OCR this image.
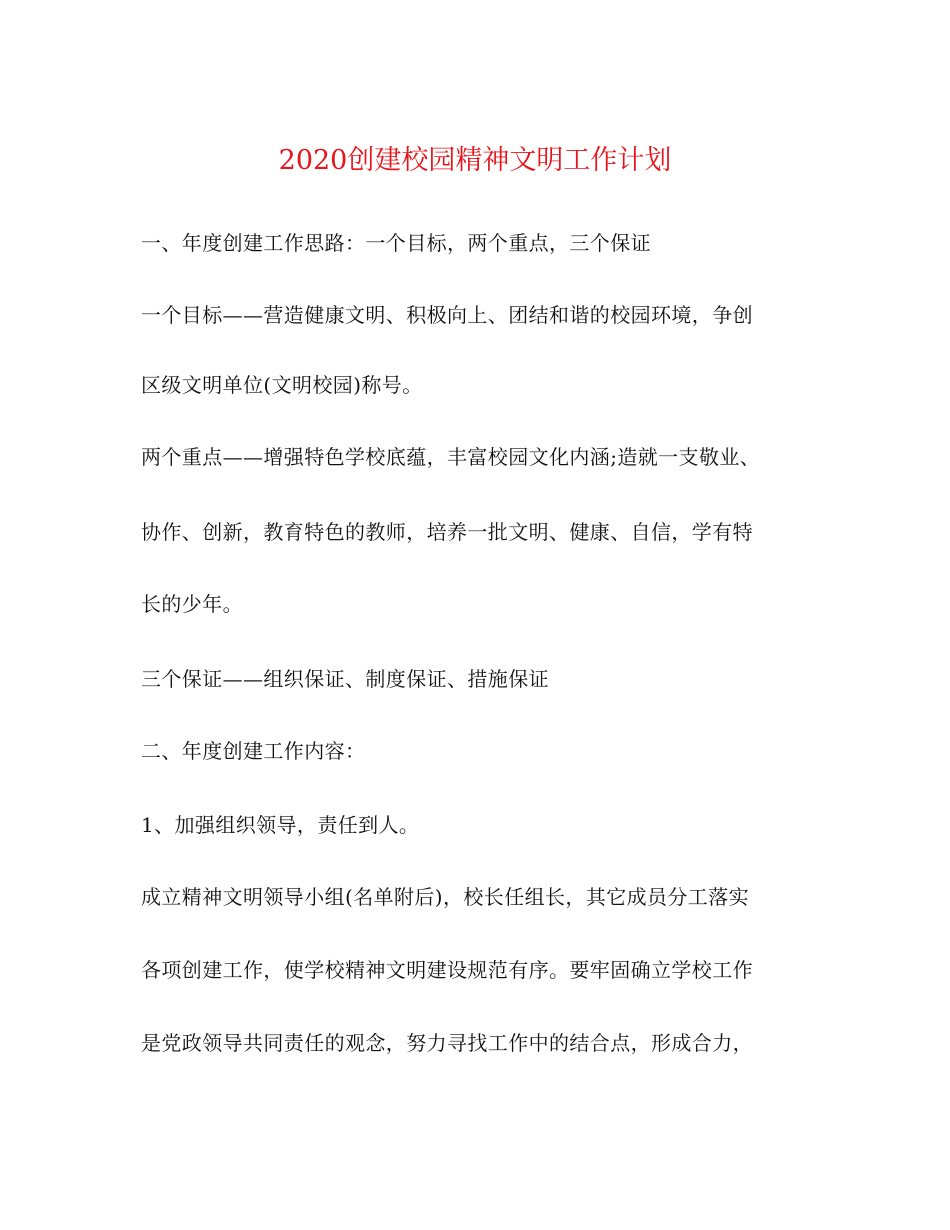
2020创建校园精神文明工作计划
一、年度创建工作思路：一个目标，两个重点，三个保证
一个目标——营造健康文明、积极向上、团结和谐的校园环境，争创
区级文明单位(文明校园)称号。
两个重点——增强特色学校底蕴，丰富校园文化内涵;造就一支敬业、
协作、创新，教育特色的教师，培养一批文明、健康、自信，学有特
长的少年。
三个保证——组织保证、制度保证、措施保证
二、年度创建工作内容：
1、加强组织领导，责任到人。
成立精神文明领导小组(名单附后)，校长任组长，其它成员分工落实
各项创建工作，使学校精神文明建设规范有序。要牢固确立学校工作
是党政领导共同责任的观念，努力寻找工作中的结合点，形成合力，
